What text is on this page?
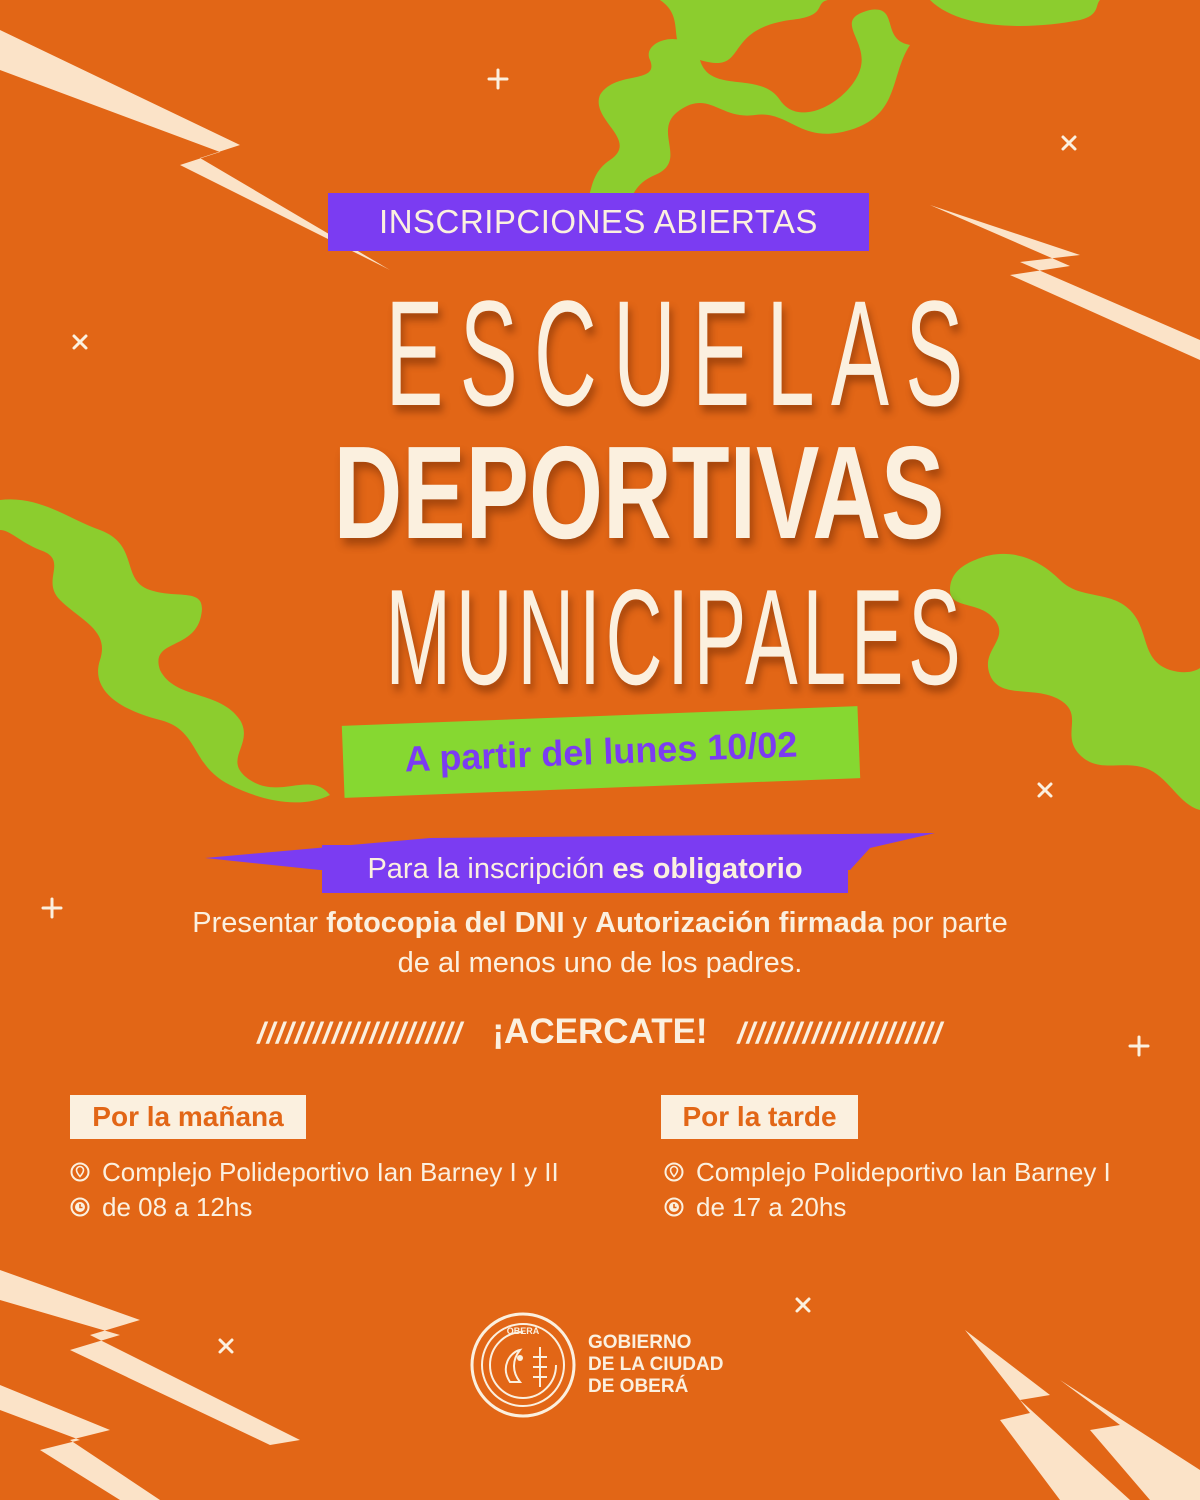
INSCRIPCIONES ABIERTAS
ESCUELAS
DEPORTIVAS
MUNICIPALES
A partir del lunes 10/02
Para la inscripción es obligatorio
Presentar fotocopia del DNI y Autorización firmada por parte
de al menos uno de los padres.
////////////////////// ¡ACERCATE! //////////////////////
Por la mañana
Complejo Polideportivo Ian Barney I y II
de 08 a 12hs
Por la tarde
Complejo Polideportivo Ian Barney I
de 17 a 20hs
OBERÁ
GOBIERNO
DE LA CIUDAD
DE OBERÁ
